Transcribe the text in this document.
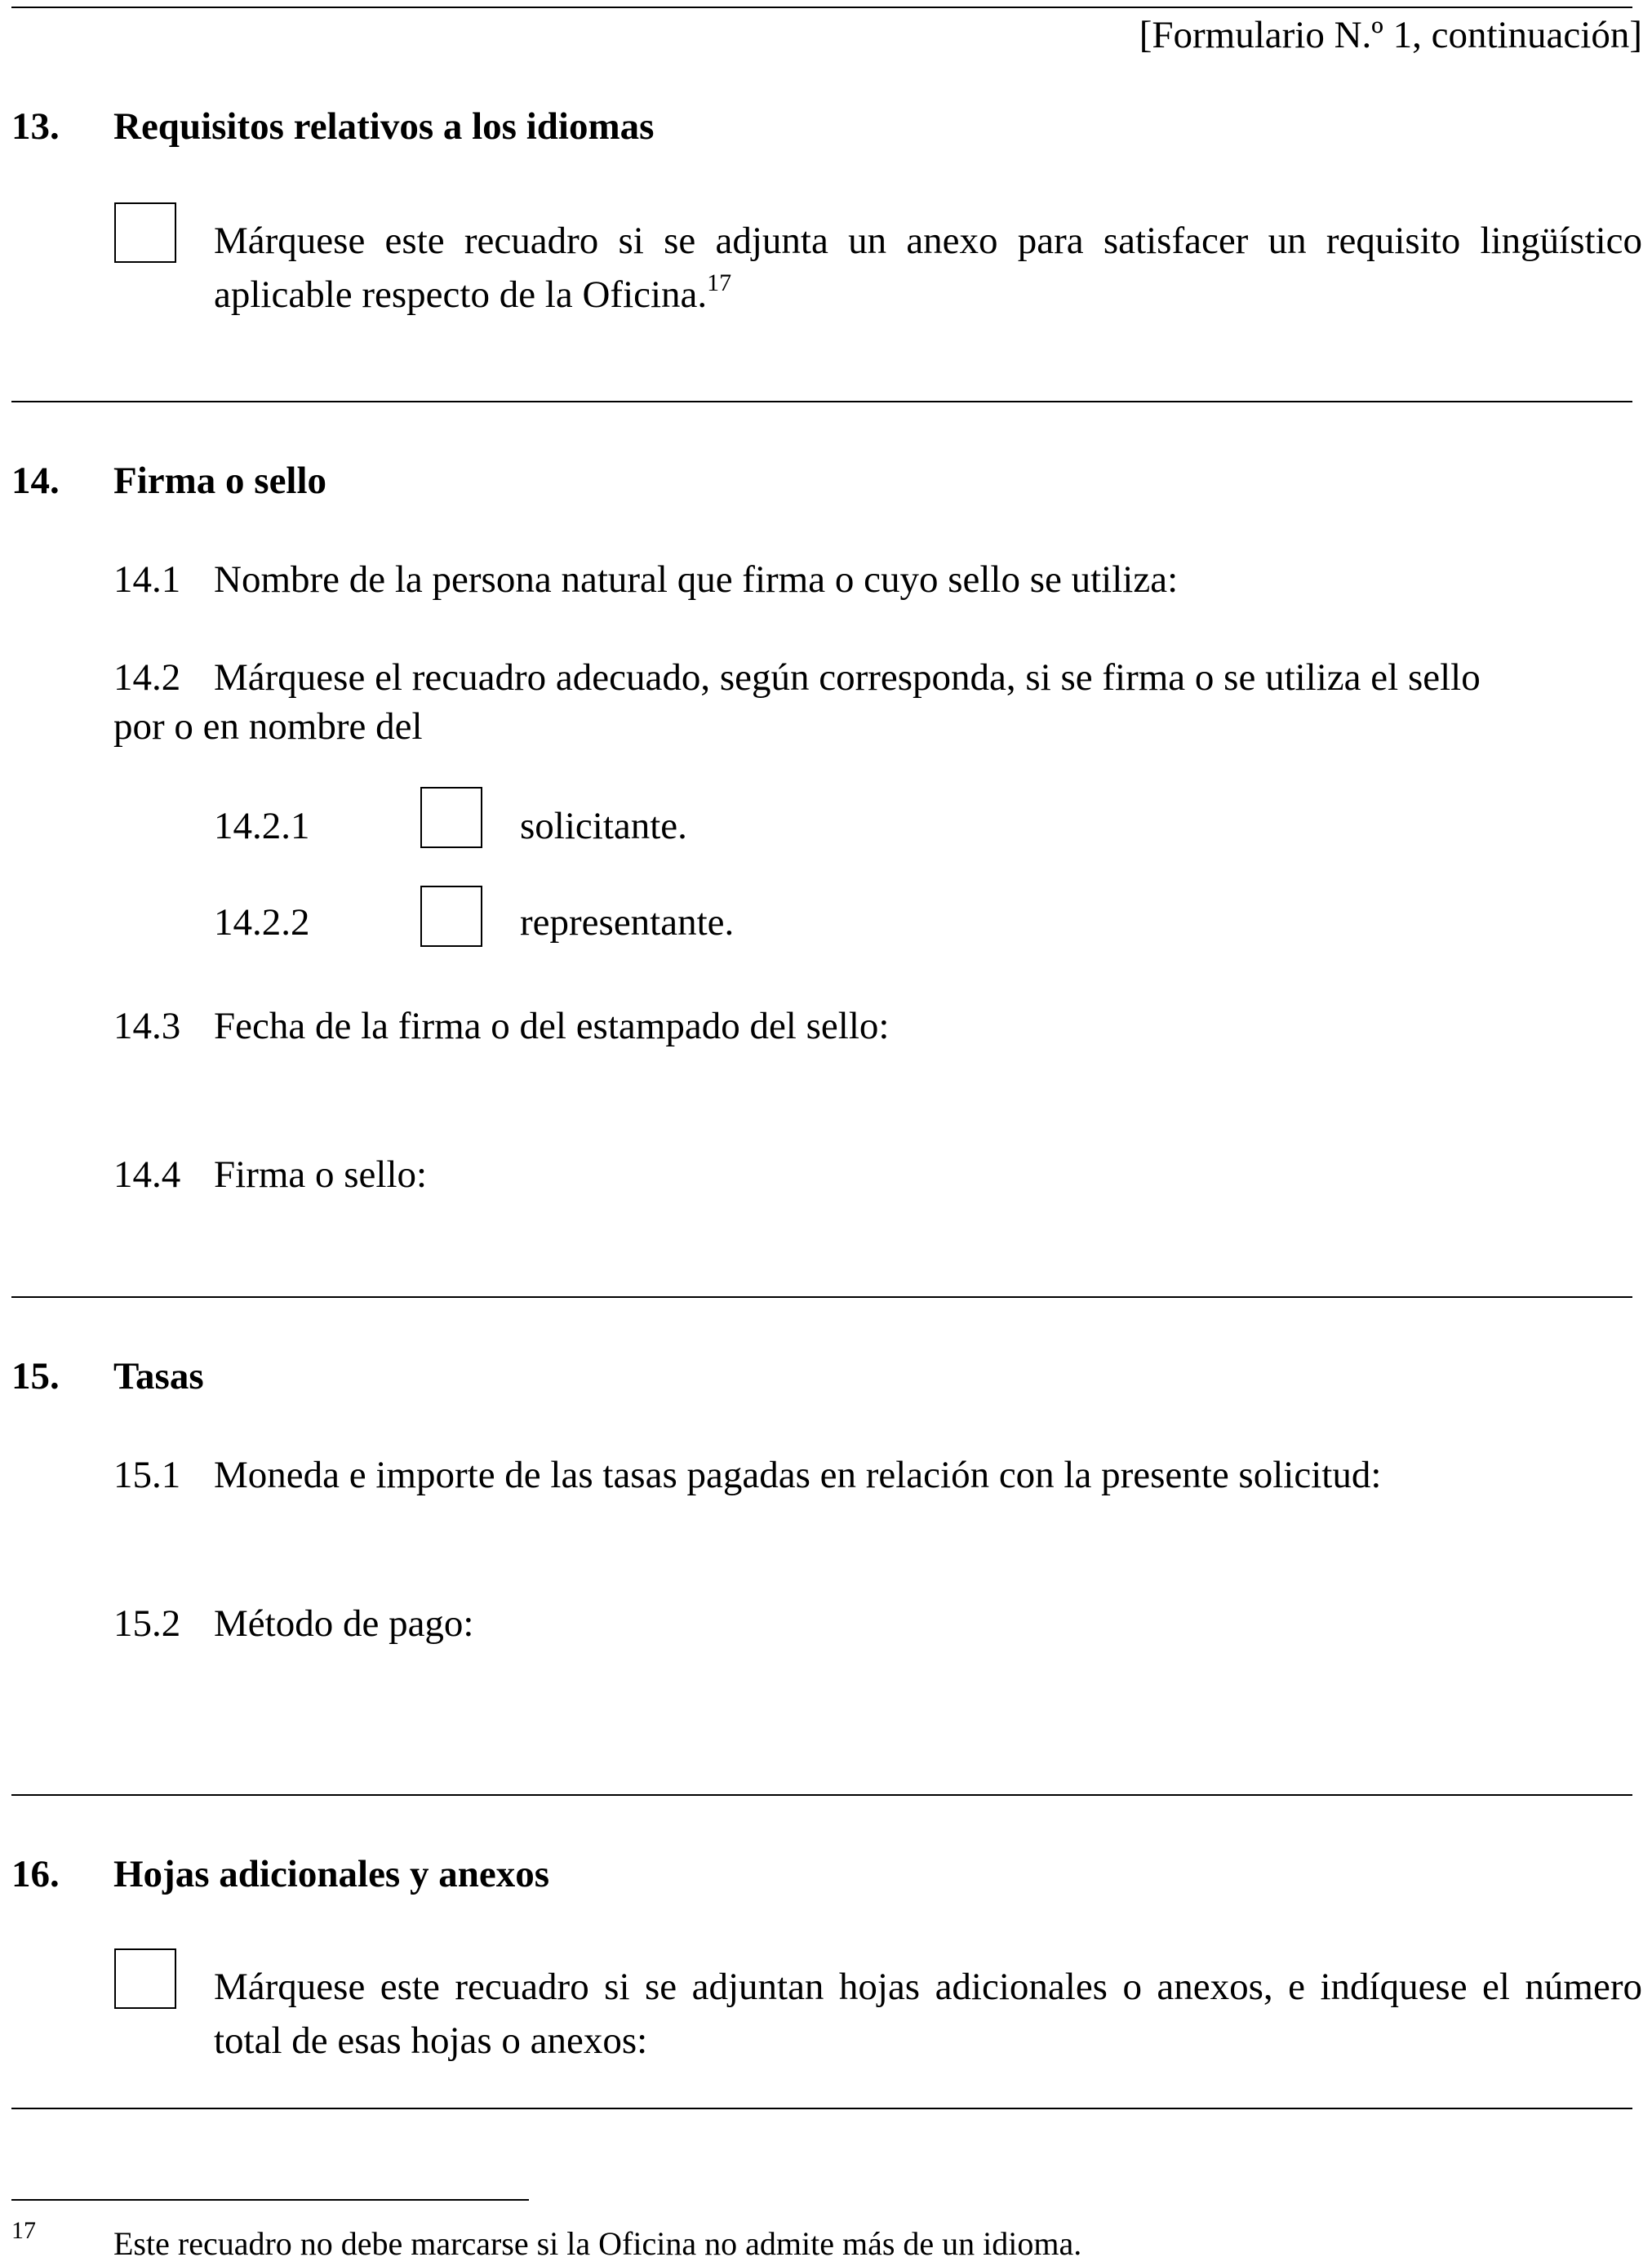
[Formulario N.º 1, continuación]
13. Requisitos relativos a los idiomas
Márquese este recuadro si se adjunta un anexo para satisfacer un requisito lingüístico aplicable respecto de la Oficina.$^{17}$
14. Firma o sello
14.1 Nombre de la persona natural que firma o cuyo sello se utiliza:
14.2 Márquese el recuadro adecuado, según corresponda, si se firma o se utiliza el sello
por o en nombre del
14.2.1	solicitante.
14.2.2	representante.
14.3 Fecha de la firma o del estampado del sello:
14.4 Firma o sello:
15. Tasas
15.1 Moneda e importe de las tasas pagadas en relación con la presente solicitud:
15.2 Método de pago:
16. Hojas adicionales y anexos
Márquese este recuadro si se adjuntan hojas adicionales o anexos, e indíquese el número total de esas hojas o anexos:
17 Este recuadro no debe marcarse si la Oficina no admite más de un idioma.
